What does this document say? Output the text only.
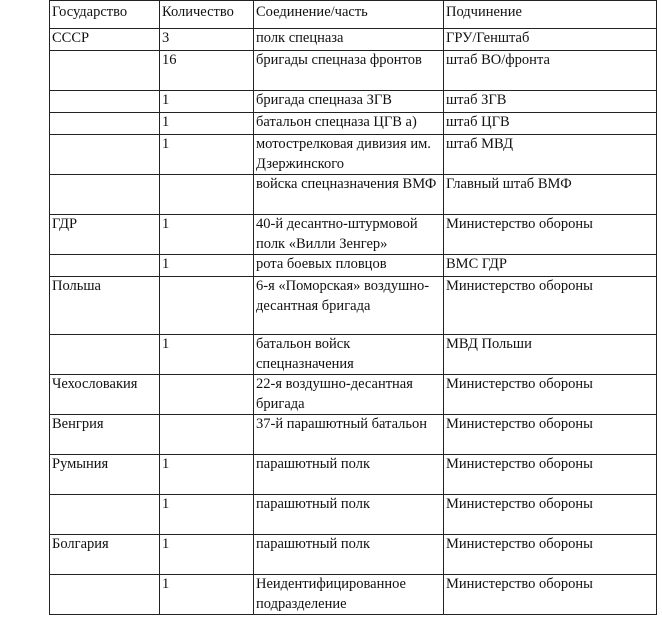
Государство	Количество	Соединение/часть	Подчинение
СССР	3	полк спецназа	ГРУ/Генштаб
	16	бригады спецназа фронтов	штаб ВО/фронта
	1	бригада спецназа ЗГВ	штаб ЗГВ
	1	батальон спецназа ЦГВ а)	штаб ЦГВ
	1	мотострелковая дивизия им. Дзержинского	штаб МВД
		войска спецназначения ВМФ	Главный штаб ВМФ
ГДР	1	40-й десантно-штурмовой полк «Вилли Зенгер»	Министерство обороны
	1	рота боевых пловцов	ВМС ГДР
Польша		6-я «Поморская» воздушно-десантная бригада	Министерство обороны
	1	батальон войск спецназначения	МВД Польши
Чехословакия		22-я воздушно-десантная бригада	Министерство обороны
Венгрия		37-й парашютный батальон	Министерство обороны
Румыния	1	парашютный полк	Министерство обороны
	1	парашютный полк	Министерство обороны
Болгария	1	парашютный полк	Министерство обороны
	1	Неидентифицированное подразделение	Министерство обороны
